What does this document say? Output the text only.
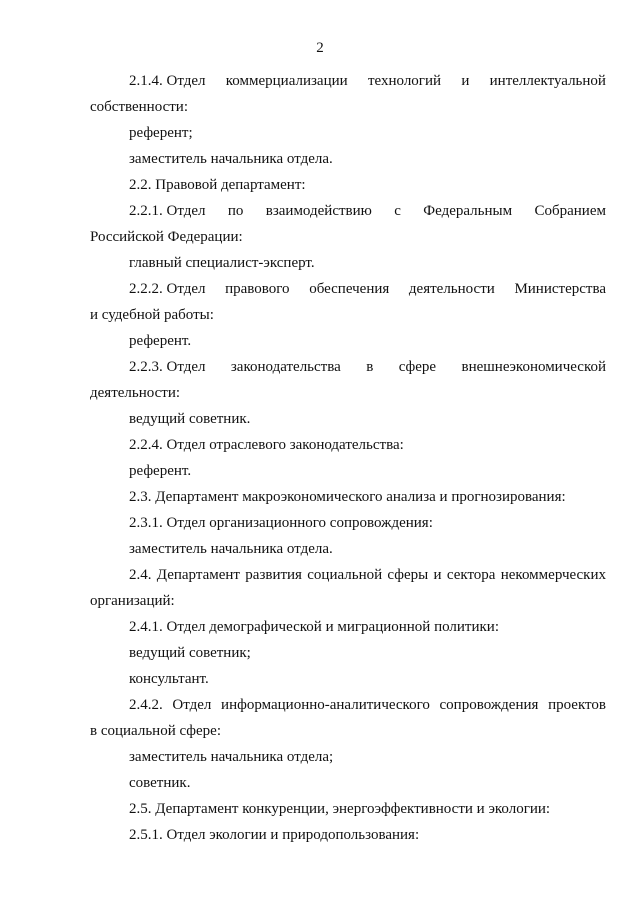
2
2.1.4. Отдел коммерциализации технологий и интеллектуальной
собственности:
референт;
заместитель начальника отдела.
2.2. Правовой департамент:
2.2.1. Отдел по взаимодействию с Федеральным Собранием
Российской Федерации:
главный специалист-эксперт.
2.2.2. Отдел правового обеспечения деятельности Министерства
и судебной работы:
референт.
2.2.3. Отдел законодательства в сфере внешнеэкономической
деятельности:
ведущий советник.
2.2.4. Отдел отраслевого законодательства:
референт.
2.3. Департамент макроэкономического анализа и прогнозирования:
2.3.1. Отдел организационного сопровождения:
заместитель начальника отдела.
2.4. Департамент развития социальной сферы и сектора некоммерческих
организаций:
2.4.1. Отдел демографической и миграционной политики:
ведущий советник;
консультант.
2.4.2. Отдел информационно-аналитического сопровождения проектов
в социальной сфере:
заместитель начальника отдела;
советник.
2.5. Департамент конкуренции, энергоэффективности и экологии:
2.5.1. Отдел экологии и природопользования:
